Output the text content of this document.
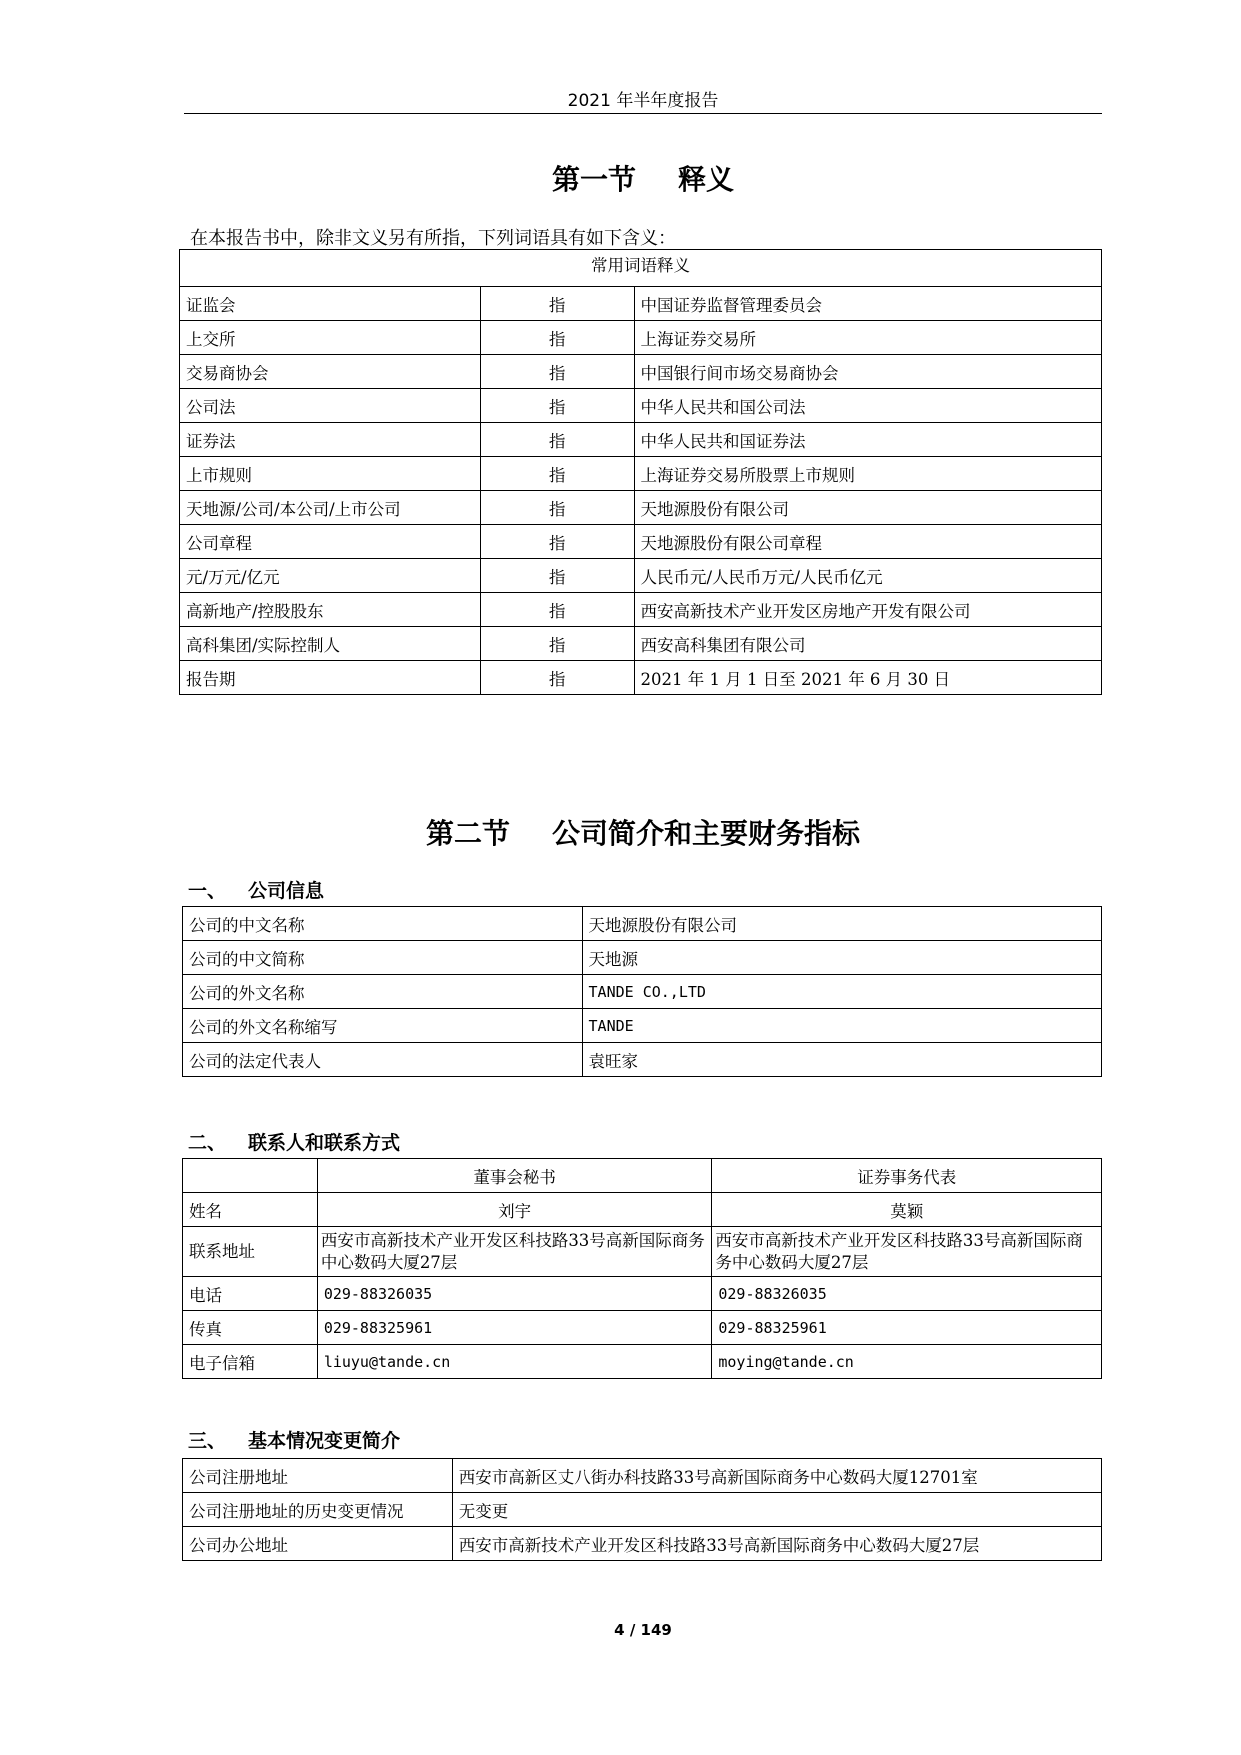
2021 年半年度报告
第一节 释义
在本报告书中，除非文义另有所指，下列词语具有如下含义：
常用词语释义		
证监会	指	中国证券监督管理委员会
上交所	指	上海证券交易所
交易商协会	指	中国银行间市场交易商协会
公司法	指	中华人民共和国公司法
证券法	指	中华人民共和国证券法
上市规则	指	上海证券交易所股票上市规则
天地源/公司/本公司/上市公司	指	天地源股份有限公司
公司章程	指	天地源股份有限公司章程
元/万元/亿元	指	人民币元/人民币万元/人民币亿元
高新地产/控股股东	指	西安高新技术产业开发区房地产开发有限公司
高科集团/实际控制人	指	西安高科集团有限公司
报告期	指	2021 年 1 月 1 日至 2021 年 6 月 30 日
第二节 公司简介和主要财务指标
一、 公司信息
公司的中文名称	天地源股份有限公司
公司的中文简称	天地源
公司的外文名称	TANDE CO.,LTD
公司的外文名称缩写	TANDE
公司的法定代表人	袁旺家
二、 联系人和联系方式
	董事会秘书	证券事务代表
姓名	刘宇	莫颖
联系地址	西安市高新技术产业开发区科技路33号高新国际商务中心数码大厦27层	西安市高新技术产业开发区科技路33号高新国际商务中心数码大厦27层
电话	029-88326035	029-88326035
传真	029-88325961	029-88325961
电子信箱	liuyu@tande.cn	moying@tande.cn
三、 基本情况变更简介
公司注册地址	西安市高新区丈八街办科技路33号高新国际商务中心数码大厦12701室
公司注册地址的历史变更情况	无变更
公司办公地址	西安市高新技术产业开发区科技路33号高新国际商务中心数码大厦27层
4 / 149
